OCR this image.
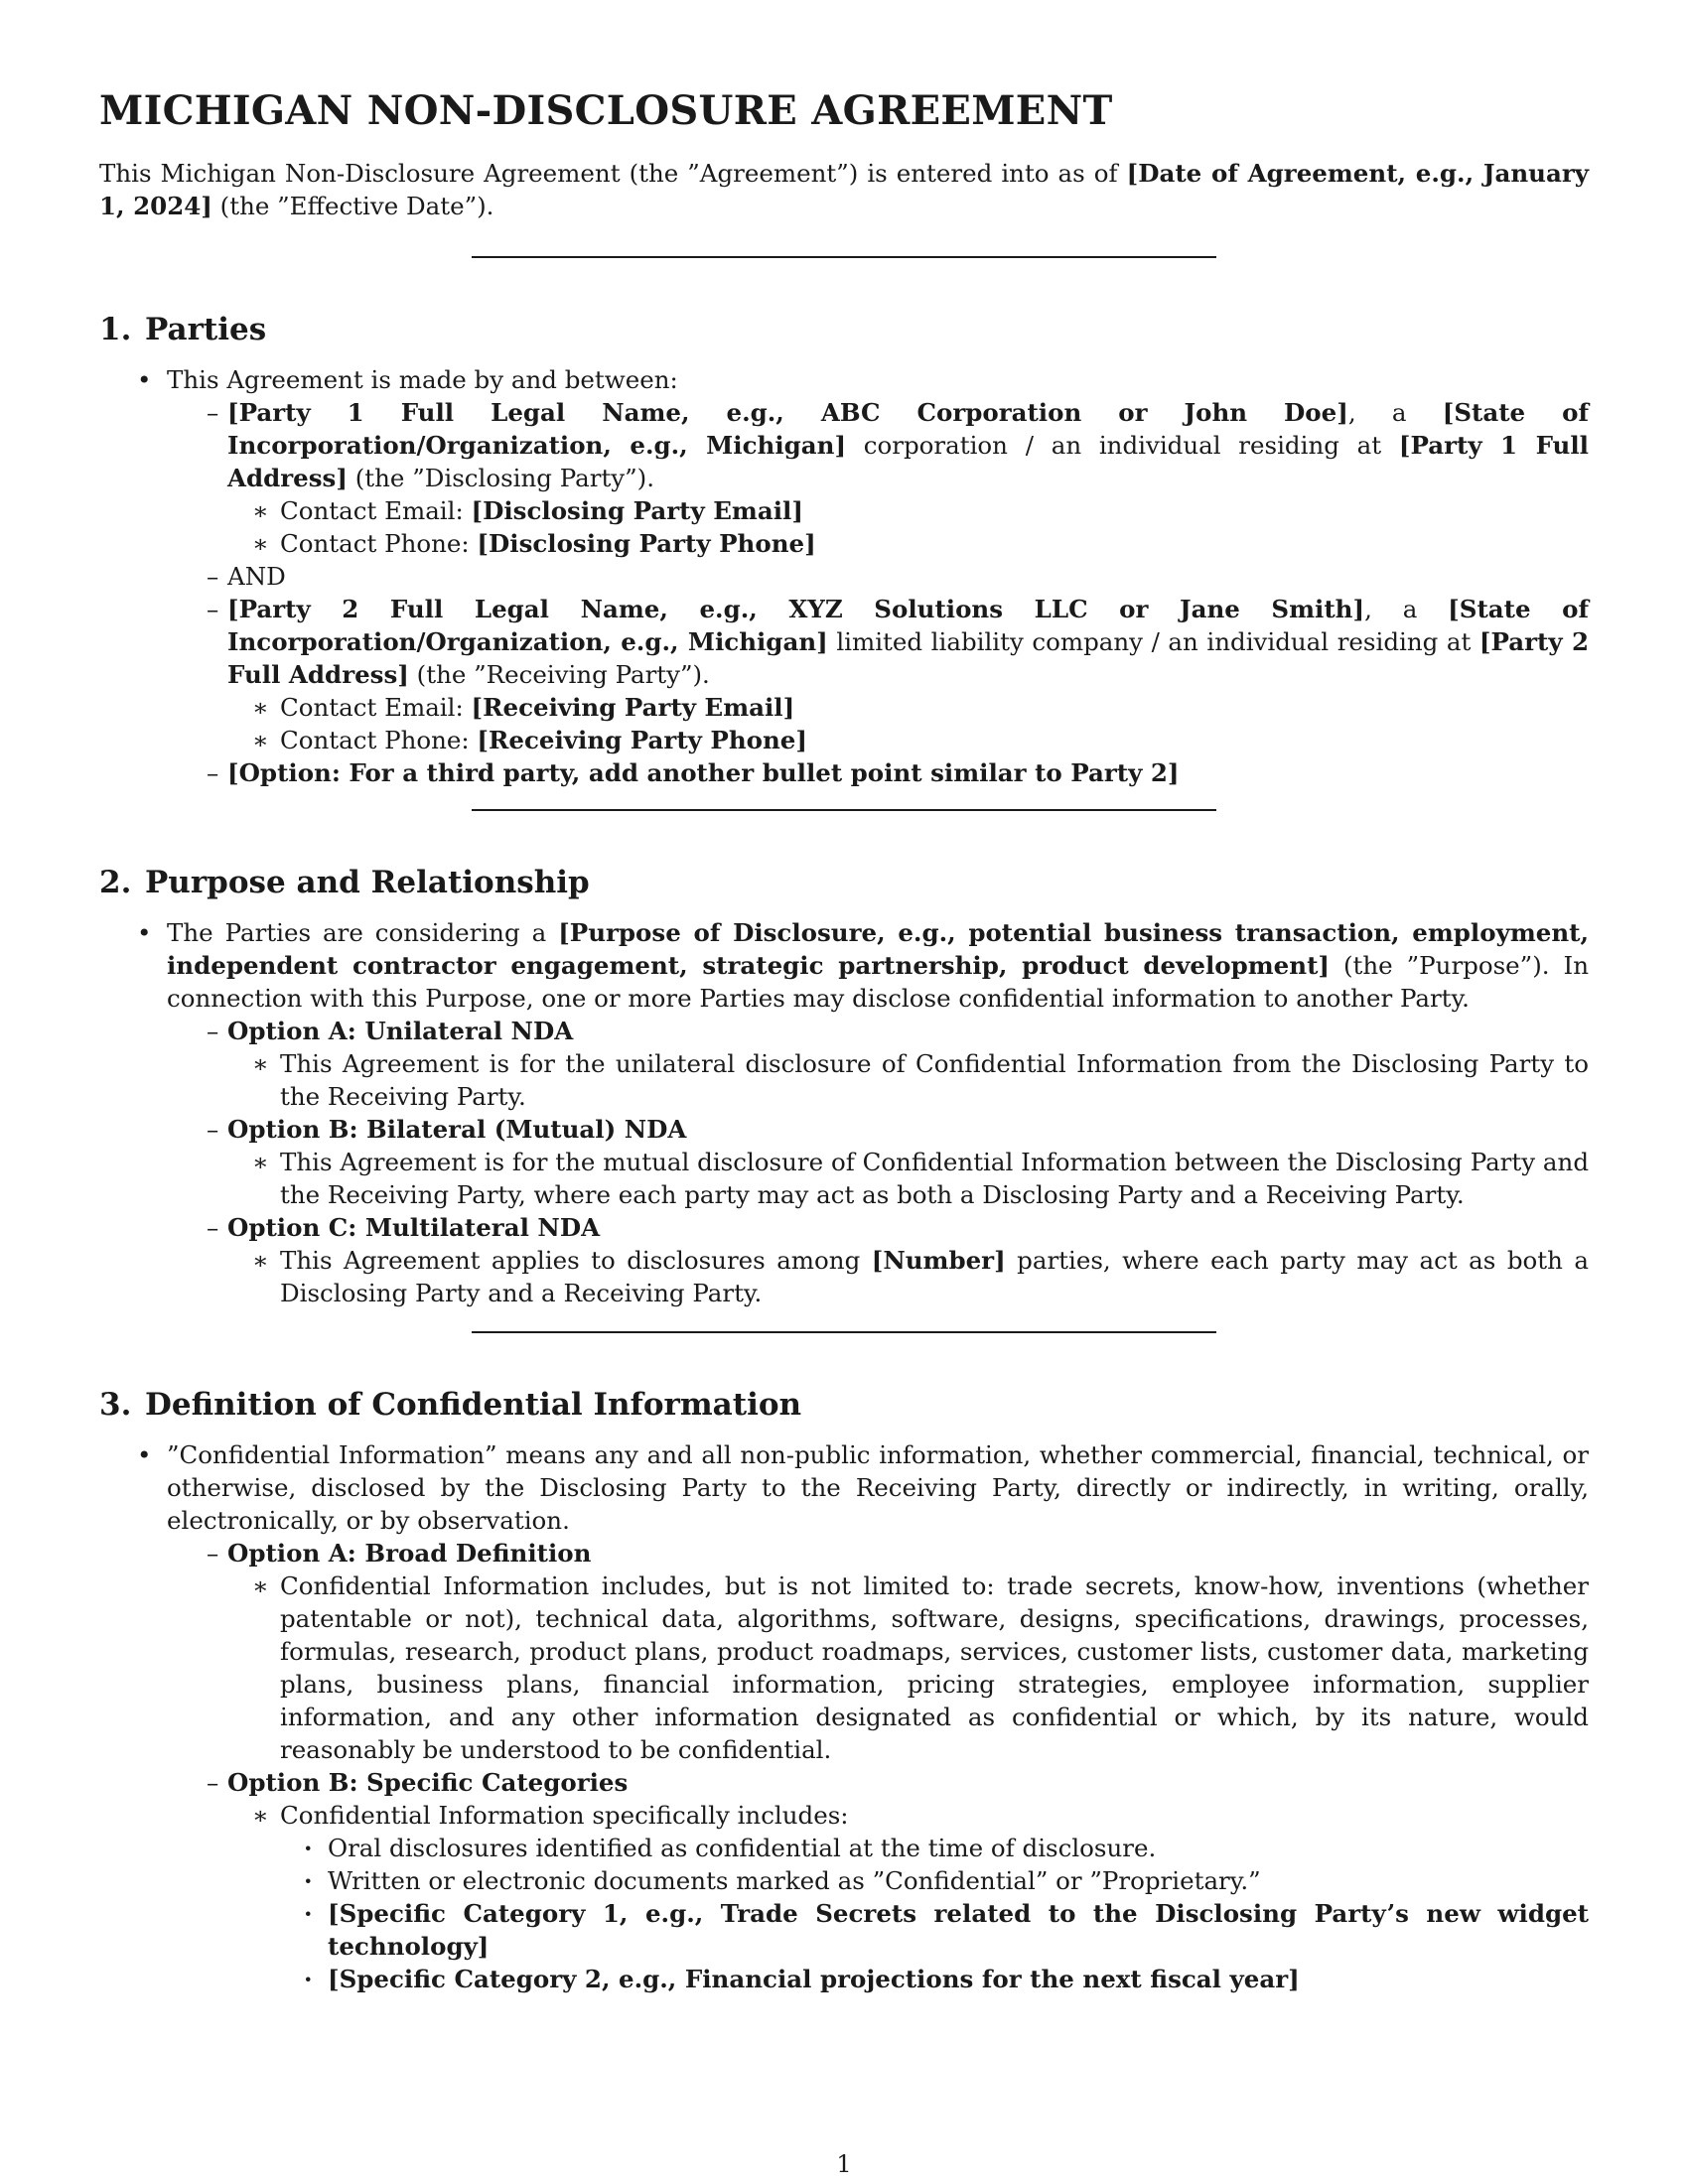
MICHIGAN NON-DISCLOSURE AGREEMENT

This Michigan Non-Disclosure Agreement (the ”Agreement”) is entered into as of [Date of Agreement, e.g., January 1, 2024] (the ”Effective Date”).

1. Parties
• This Agreement is made by and between:
– [Party 1 Full Legal Name, e.g., ABC Corporation or John Doe], a [State of Incorporation/Organization, e.g., Michigan] corporation / an individual residing at [Party 1 Full Address] (the ”Disclosing Party”).
∗ Contact Email: [Disclosing Party Email]
∗ Contact Phone: [Disclosing Party Phone]
– AND
– [Party 2 Full Legal Name, e.g., XYZ Solutions LLC or Jane Smith], a [State of Incorporation/Organization, e.g., Michigan] limited liability company / an individual residing at [Party 2 Full Address] (the ”Receiving Party”).
∗ Contact Email: [Receiving Party Email]
∗ Contact Phone: [Receiving Party Phone]
– [Option: For a third party, add another bullet point similar to Party 2]
2. Purpose and Relationship
• The Parties are considering a [Purpose of Disclosure, e.g., potential business transaction, employment, independent contractor engagement, strategic partnership, product development] (the ”Purpose”). In connection with this Purpose, one or more Parties may disclose confidential information to another Party.
– Option A: Unilateral NDA
∗ This Agreement is for the unilateral disclosure of Confidential Information from the Disclosing Party to the Receiving Party.
– Option B: Bilateral (Mutual) NDA
∗ This Agreement is for the mutual disclosure of Confidential Information between the Disclosing Party and the Receiving Party, where each party may act as both a Disclosing Party and a Receiving Party.
– Option C: Multilateral NDA
∗ This Agreement applies to disclosures among [Number] parties, where each party may act as both a Disclosing Party and a Receiving Party.
3. Definition of Confidential Information
• ”Confidential Information” means any and all non-public information, whether commercial, financial, technical, or otherwise, disclosed by the Disclosing Party to the Receiving Party, directly or indirectly, in writing, orally, electronically, or by observation.
– Option A: Broad Definition
∗ Confidential Information includes, but is not limited to: trade secrets, know-how, inventions (whether patentable or not), technical data, algorithms, software, designs, specifications, drawings, processes, formulas, research, product plans, product roadmaps, services, customer lists, customer data, marketing plans, business plans, financial information, pricing strategies, employee information, supplier information, and any other information designated as confidential or which, by its nature, would reasonably be understood to be confidential.
– Option B: Specific Categories
∗ Confidential Information specifically includes:
· Oral disclosures identified as confidential at the time of disclosure.
· Written or electronic documents marked as ”Confidential” or ”Proprietary.”
· [Specific Category 1, e.g., Trade Secrets related to the Disclosing Party’s new widget technology]
· [Specific Category 2, e.g., Financial projections for the next fiscal year]
1
